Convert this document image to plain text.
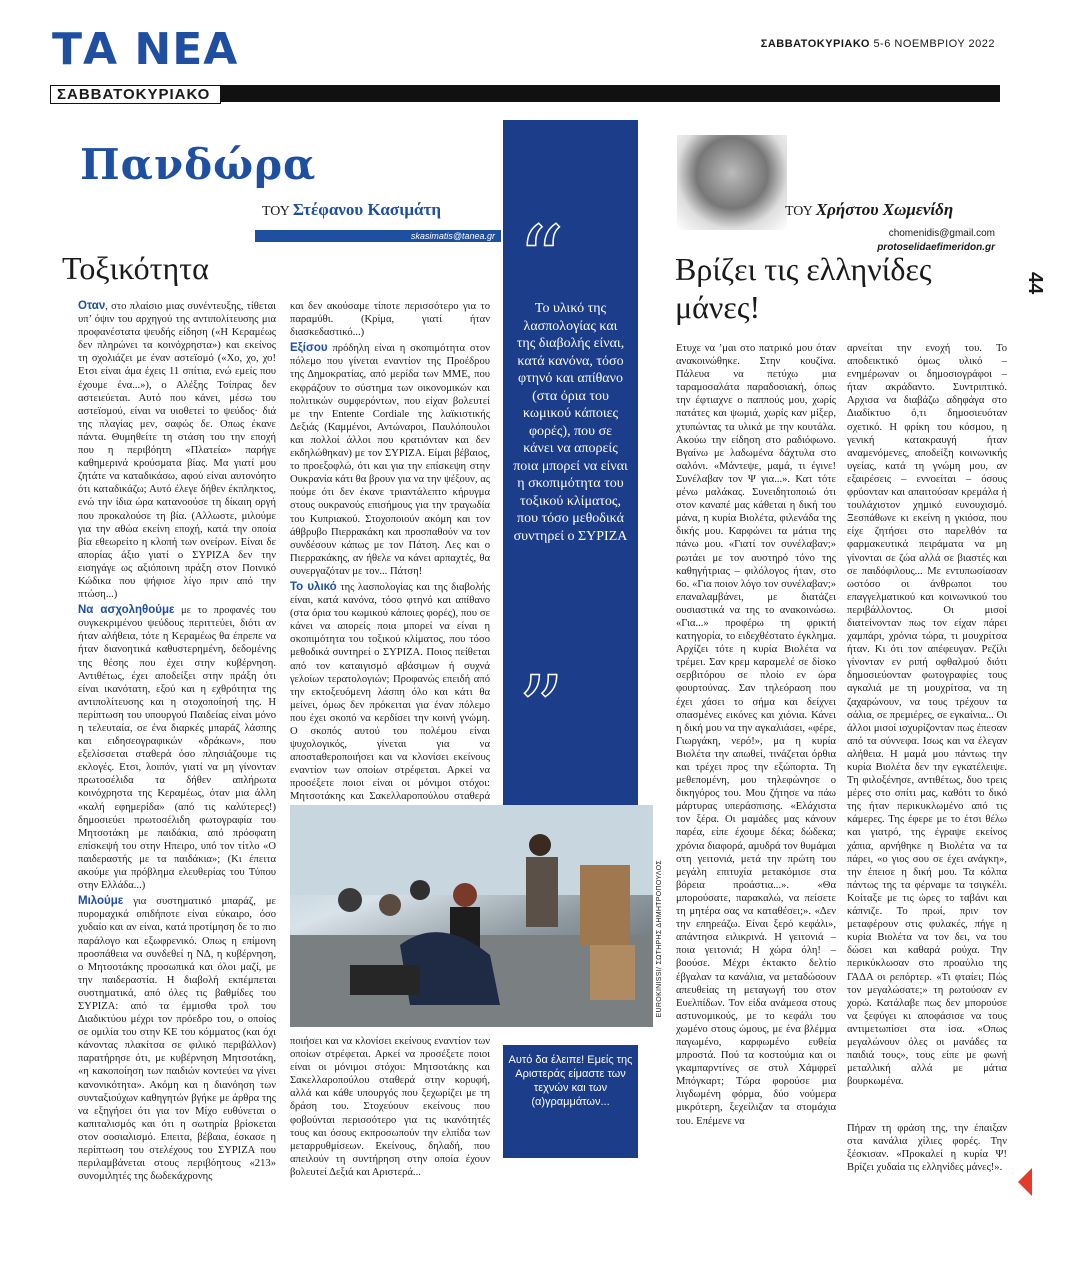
ΤΑ ΝΕΑ	ΣΑΒΒΑΤΟΚΥΡΙΑΚΟ 5-6 ΝΟΕΜΒΡΙΟΥ 2022
ΣΑΒΒΑΤΟΚΥΡΙΑΚΟ
Πανδώρα
ΤΟΥ Στέφανου Κασιμάτη
skasimatis@tanea.gr
Τοξικότητα

Οταν, στο πλαίσιο μιας συνέντευξης, τίθεται υπ’ όψιν του αρχηγού της αντιπολίτευσης μια προφανέστατα ψευδής είδηση («Η Κεραμέως δεν πληρώνει τα κοινόχρηστα») και εκείνος τη σχολιάζει με έναν αστεϊσμό («Χο, χο, χο! Ετσι είναι άμα έχεις 11 σπίτια, ενώ εμείς που έχουμε ένα...»), ο Αλέξης Τσίπρας δεν αστειεύεται. Αυτό που κάνει, μέσω του αστεϊσμού, είναι να υιοθετεί το ψεύδος· διά της πλαγίας μεν, σαφώς δε. Οπως έκανε πάντα. Θυμηθείτε τη στάση του την εποχή που η περιβόητη «Πλατεία» παρήγε καθημερινά κρούσματα βίας. Μα γιατί μου ζητάτε να καταδικάσω, αφού είναι αυτονόητο ότι καταδικάζω; Αυτό έλεγε δήθεν έκπληκτος, ενώ την ίδια ώρα κατανοούσε τη δίκαιη οργή που προκαλούσε τη βία. (Αλλωστε, μιλούμε για την αθώα εκείνη εποχή, κατά την οποία βία εθεωρείτο η κλοπή των ονείρων. Είναι δε απορίας άξιο γιατί ο ΣΥΡΙΖΑ δεν την εισηγάγε ως αξιόποινη πράξη στον Ποινικό Κώδικα που ψήφισε λίγο πριν από την πτώση...)

Να ασχοληθούμε με το προφανές του συγκεκριμένου ψεύδους περιττεύει, διότι αν ήταν αλήθεια, τότε η Κεραμέως θα έπρεπε να ήταν διανοητικά καθυστερημένη, δεδομένης της θέσης που έχει στην κυβέρνηση. Αντιθέτως, έχει αποδείξει στην πράξη ότι είναι ικανότατη, εξού και η εχθρότητα της αντιπολίτευσης και η στοχοποίησή της. Η περίπτωση του υπουργού Παιδείας είναι μόνο η τελευταία, σε ένα διαρκές μπαράζ λάσπης και ειδησεογραφικών «δράκων», που εξελίσσεται σταθερά όσο πλησιάζουμε τις εκλογές. Ετσι, λοιπόν, γιατί να μη γίνονταν πρωτοσέλιδα τα δήθεν απλήρωτα κοινόχρηστα της Κεραμέως, όταν μια άλλη «καλή εφημερίδα» (από τις καλύτερες!) δημοσιεύει πρωτοσέλιδη φωτογραφία του Μητσοτάκη με παιδάκια, από πρόσφατη επίσκεψή του στην Ηπειρο, υπό τον τίτλο «Ο παιδεραστής με τα παιδάκια»; (Κι έπειτα ακούμε για πρόβλημα ελευθερίας του Τύπου στην Ελλάδα...)

Μιλούμε για συστηματικό μπαράζ, με πυρομαχικά οπιδήποτε είναι εύκαιρο, όσο χυδαίο και αν είναι, κατά προτίμηση δε το πιο παράλογο και εξωφρενικό. Οπως η επίμονη προσπάθεια να συνδεθεί η ΝΔ, η κυβέρνηση, ο Μητσοτάκης προσωπικά και όλοι μαζί, με την παιδεραστία. Η διαβολή εκπέμπεται συστηματικά, από όλες τις βαθμίδες του ΣΥΡΙΖΑ: από τα έμμισθα τρολ του Διαδικτύου μέχρι τον πρόεδρο του, ο οποίος σε ομιλία του στην ΚΕ του κόμματος (και όχι κάνοντας πλακίτσα σε φιλικό περιβάλλον) παρατήρησε ότι, με κυβέρνηση Μητσοτάκη, «η κακοποίηση των παιδιών κοντεύει να γίνει κανονικότητα». Ακόμη και η διανόηση των συνταξιούχων καθηγητών βγήκε με άρθρα της να εξηγήσει ότι για τον Μίχο ευθύνεται ο καπιταλισμός και ότι η σωτηρία βρίσκεται στον σοσιαλισμό. Επειτα, βέβαια, έσκασε η περίπτωση του στελέχους του ΣΥΡΙΖΑ που περιλαμβάνεται στους περιβόητους «213» συνομιλητές της δωδεκάχρονης

και δεν ακούσαμε τίποτε περισσότερο για το παραμύθι. (Κρίμα, γιατί ήταν διασκεδαστικό...)

Εξίσου πρόδηλη είναι η σκοπιμότητα στον πόλεμο που γίνεται εναντίον της Προέδρου της Δημοκρατίας, από μερίδα των ΜΜΕ, που εκφράζουν το σύστημα των οικονομικών και πολιτικών συμφερόντων, που είχαν βολευτεί με την Entente Cordiale της λαϊκιστικής Δεξιάς (Καμμένοι, Αντώναροι, Παυλόπουλοι και πολλοί άλλοι που κρατιόνταν και δεν εκδηλώθηκαν) με τον ΣΥΡΙΖΑ. Είμαι βέβαιος, το προεξοφλώ, ότι και για την επίσκεψη στην Ουκρανία κάτι θα βρουν για να την ψέξουν, ας πούμε ότι δεν έκανε τριαντάλεπτο κήρυγμα στους ουκρανούς επισήμους για την τραγωδία του Κυπριακού. Στοχοποιούν ακόμη και τον άθβρυβο Πιερρακάκη και προσπαθούν να τον συνδέσουν κάπως με τον Πάτση. Λες και ο Πιερρακάκης, αν ήθελε να κάνει αρπαχτές, θα συνεργαζόταν με τον... Πάτση!

Το υλικό της λασπολογίας και της διαβολής είναι, κατά κανόνα, τόσο φτηνό και απίθανο (στα όρια του κωμικού κάποιες φορές), που σε κάνει να απορείς ποια μπορεί να είναι η σκοπιμότητα του τοξικού κλίματος, που τόσο μεθοδικά συντηρεί ο ΣΥΡΙΖΑ. Ποιος πείθεται από τον καταιγισμό αβάσιμων ή συχνά γελοίων τερατολογιών; Προφανώς επειδή από την εκτοξευόμενη λάσπη όλο και κάτι θα μείνει, όμως δεν πρόκειται για έναν πόλεμο που έχει σκοπό να κερδίσει την κοινή γνώμη. Ο σκοπός αυτού του πολέμου είναι ψυχολογικός, γίνεται για να αποσταθεροποιήσει και να κλονίσει εκείνους εναντίον των οποίων στρέφεται. Αρκεί να προσέξετε ποιοι είναι οι μόνιμοι στόχοι: Μητσοτάκης και Σακελλαροπούλου σταθερά

“
Το υλικό της λασπολογίας και της διαβολής είναι, κατά κανόνα, τόσο φτηνό και απίθανο (στα όρια του κωμικού κάποιες φορές), που σε κάνει να απορείς ποια μπορεί να είναι η σκοπιμότητα του τοξικού κλίματος, που τόσο μεθοδικά συντηρεί ο ΣΥΡΙΖΑ
”
EUROKINISSI/ ΣΩΤΗΡΗΣ ΔΗΜΗΤΡΟΠΟΥΛΟΣ

ποιήσει και να κλονίσει εκείνους εναντίον των οποίων στρέφεται. Αρκεί να προσέξετε ποιοι είναι οι μόνιμοι στόχοι: Μητσοτάκης και Σακελλαροπούλου σταθερά στην κορυφή, αλλά και κάθε υπουργός που ξεχωρίζει με τη δράση του. Στοχεύουν εκείνους που φοβούνται περισσότερο για τις ικανότητές τους και όσους εκπροσωπούν την ελπίδα των μεταρρυθμίσεων. Εκείνους, δηλαδή, που απειλούν τη συντήρηση στην οποία έχουν βολευτεί Δεξιά και Αριστερά...

Αυτό δα έλειπε! Εμείς της Αριστεράς είμαστε των τεχνών και των (α)γραμμάτων...
ΤΟΥ Χρήστου Χωμενίδη
chomenidis@gmail.com
protoselidaefimeridon.gr
Βρίζει τις ελληνίδες μάνες!
44

Ετυχε να ’μαι στο πατρικό μου όταν ανακοινώθηκε. Στην κουζίνα. Πάλευα να πετύχω μια ταραμοσαλάτα παραδοσιακή, όπως την έφτιαχνε ο παππούς μου, χωρίς πατάτες και ψωμιά, χωρίς καν μίξερ, χτυπώντας τα υλικά με την κουτάλα. Ακούω την είδηση στο ραδιόφωνο. Βγαίνω με λαδωμένα δάχτυλα στο σαλόνι. «Μάντεψε, μαμά, τι έγινε! Συνέλαβαν τον Ψ για...». Κατ τότε μένω μαλάκας. Συνειδητοποιώ ότι στον καναπέ μας κάθεται η δική του μάνα, η κυρία Βιολέτα, φιλενάδα της δικής μου. Καρφώνει τα μάτια της πάνω μου. «Γιατί τον συνέλαβαν;» ρωτάει με τον αυστηρό τόνο της καθηγήτριας – φιλόλογος ήταν, στο 6ο. «Για ποιον λόγο τον συνέλαβαν;» επαναλαμβάνει, με διατάζει ουσιαστικά να της το ανακοινώσω. «Για...» προφέρω τη φρικτή κατηγορία, το ειδεχθέστατο έγκλημα. Αρχίζει τότε η κυρία Βιολέτα να τρέμει. Σαν κρεμ καραμελέ σε δίσκο σερβιτόρου σε πλοίο εν ώρα φουρτούνας. Σαν τηλεόραση που έχει χάσει το σήμα και δείχνει σπασμένες εικόνες και χιόνια. Κάνει η δική μου να την αγκαλιάσει, «φέρε, Γιωργάκη, νερό!», μα η κυρία Βιολέτα την απωθεί, τινάζεται όρθια και τρέχει προς την εξώπορτα. Τη μεθεπομένη, μου τηλεφώνησε ο δικηγόρος του. Μου ζήτησε να πάω μάρτυρας υπεράσπισης. «Ελάχιστα τον ξέρα. Οι μαμάδες μας κάνουν παρέα, είπε έχουμε δέκα; δώδεκα; χρόνια διαφορά, αμυδρά τον θυμάμαι στη γειτονιά, μετά την πρώτη του μεγάλη επιτυχία μετακόμισε στα βόρεια προάστια...». «Θα μπορούσατε, παρακαλώ, να πείσετε τη μητέρα σας να καταθέσει;». «Δεν την επηρεάζω. Είναι ξερό κεφάλι», απάντησα ειλικρινά. Η γειτονιά – ποια γειτονιά; Η χώρα όλη! – βοούσε. Μέχρι έκτακτο δελτίο έβγαλαν τα κανάλια, να μεταδώσουν απευθείας τη μεταγωγή του στον Ευελπίδων. Τον είδα ανάμεσα στους αστυνομικούς, με το κεφάλι του χωμένο στους ώμους, με ένα βλέμμα παγωμένο, καρφωμένο ευθεία μπροστά. Πού τα κοστούμια και οι γκαμπαρντίνες σε στυλ Χάμφρεϊ Μπόγκαρτ; Τώρα φορούσε μια λιγδωμένη φόρμα, δύο νούμερα μικρότερη, ξεχείλιζαν τα στομάχια του. Επέμενε να

αρνείται την ενοχή του. Το αποδεικτικό όμως υλικό – ενημέρωναν οι δημοσιογράφοι – ήταν ακράδαντο. Συντριπτικό. Αρχισα να διαβάζω αδηφάγα στο Διαδίκτυο ό,τι δημοσιευόταν σχετικό. Η φρίκη του κόσμου, η γενική κατακραυγή ήταν αναμενόμενες, αποδείξη κοινωνικής υγείας, κατά τη γνώμη μου, αν εξαιρέσεις – εννοείται – όσους φρύονταν και απαιτούσαν κρεμάλα ή τουλάχιστον χημικό ευνουχισμό. Ξεσπάθωνε κι εκείνη η γκιόσα, που είχε ζητήσει στο παρελθόν τα φαρμακευτικά πειράματα να μη γίνονται σε ζώα αλλά σε βιαστές και σε παιδόφιλους... Με εντυπωσίασαν ωστόσο οι άνθρωποι του επαγγελματικού και κοινωνικού του περιβάλλοντος. Οι μισοί διατείνονταν πως τον είχαν πάρει χαμπάρι, χρόνια τώρα, τι μουχρίτσα ήταν. Κι ότι τον απέφευγαν. Ρεζίλι γίνονταν εν ριπή οφθαλμού διότι δημοσιεύονταν φωτογραφίες τους αγκαλιά με τη μουχρίτσα, να τη ζαχαρώνουν, να τους τρέχουν τα σάλια, σε πρεμιέρες, σε εγκαίνια... Οι άλλοι μισοί ισχυρίζονταν πως έπεσαν από τα σύννεφα. Ισως και να έλεγαν αλήθεια. Η μαμά μου πάντως την κυρία Βιολέτα δεν την εγκατέλειψε. Τη φιλοξένησε, αντιθέτως, δυο τρεις μέρες στο σπίτι μας, καθότι το δικό της ήταν περικυκλωμένο από τις κάμερες. Της έφερε με το έτσι θέλω και γιατρό, της έγραψε εκείνος χάπια, αρνήθηκε η Βιολέτα να τα πάρει, «ο γιος σου σε έχει ανάγκη», την έπεισε η δική μου. Τα κόλπα πάντως της τα φέρναμε τα τσιγκέλι. Κοίταξε με τις ώρες το ταβάνι και κάπνιζε. Το πρωί, πριν τον μεταφέρουν στις φυλακές, πήγε η κυρία Βιολέτα να τον δει, να του δώσει και καθαρά ρούχα. Την περικύκλωσαν στο προαύλιο της ΓΑΔΑ οι ρεπόρτερ. «Τι φταίει; Πώς τον μεγαλώσατε;» τη ρωτούσαν εν χορώ. Κατάλαβε πως δεν μπορούσε να ξεφύγει κι αποφάσισε να τους αντιμετωπίσει στα ίσα. «Οπως μεγαλώνουν όλες οι μανάδες τα παιδιά τους», τους είπε με φωνή μεταλλική αλλά με μάτια βουρκωμένα.

Πήραν τη φράση της, την έπαιξαν στα κανάλια χίλιες φορές. Την ξέσκισαν. «Προκαλεί η κυρία Ψ! Βρίζει χυδαία τις ελληνίδες μάνες!».
